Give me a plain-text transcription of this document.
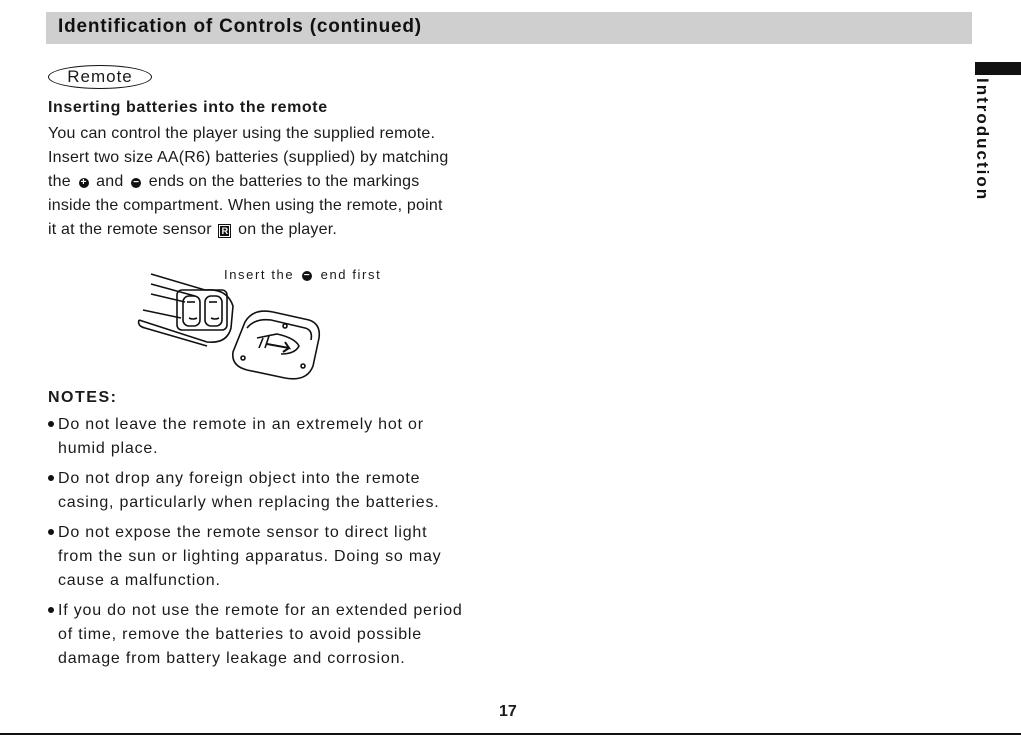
Identification of Controls (continued)
Introduction
Remote
Inserting batteries into the remote
You can control the player using the supplied remote.
Insert two size AA(R6) batteries (supplied) by matching
the + and − ends on the batteries to the markings
inside the compartment. When using the remote, point
it at the remote sensor R on the player.
Insert the − end first
NOTES:
Do not leave the remote in an extremely hot or
humid place.
Do not drop any foreign object into the remote
casing, particularly when replacing the batteries.
Do not expose the remote sensor to direct light
from the sun or lighting apparatus. Doing so may
cause a malfunction.
If you do not use the remote for an extended period
of time, remove the batteries to avoid possible
damage from battery leakage and corrosion.
17
